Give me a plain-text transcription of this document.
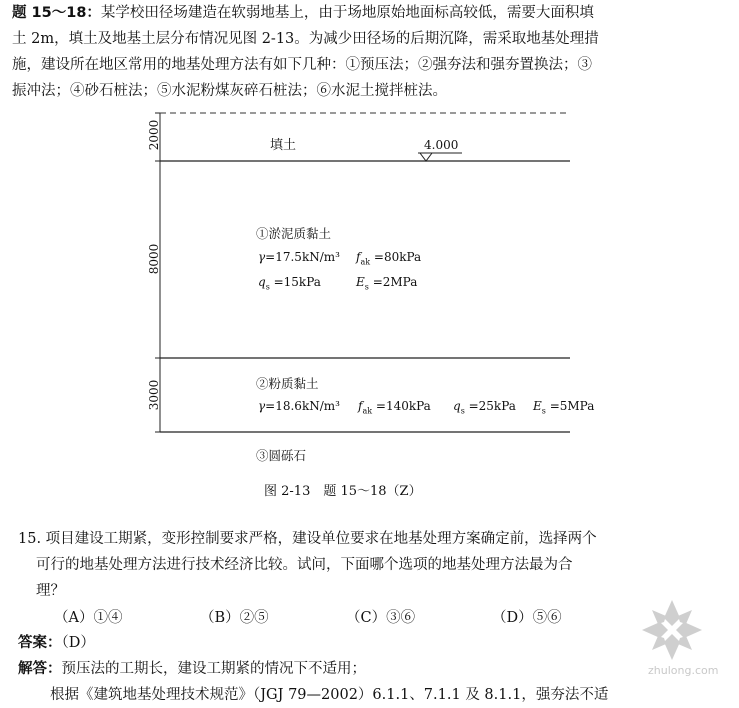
题 15～18：某学校田径场建造在软弱地基上，由于场地原始地面标高较低，需要大面积填
土 2m，填土及地基土层分布情况见图 2-13。为减少田径场的后期沉降，需采取地基处理措
施，建设所在地区常用的地基处理方法有如下几种：①预压法；②强夯法和强夯置换法；③
振冲法；④砂石桩法；⑤水泥粉煤灰碎石桩法；⑥水泥土搅拌桩法。
2000
8000
3000
填土	4.000
①淤泥质黏土
γ=17.5kN/m³ $f_{ak} =80kPa$
$q_s =15kPa$	$E_s =2MPa$
②粉质黏土
γ=18.6kN/m³ $f_{ak} =140kPa$ $q_s =25kPa$ $E_s =5MPa$
③圆砾石
图 2-13　题 15～18（Z）
15. 项目建设工期紧，变形控制要求严格，建设单位要求在地基处理方案确定前，选择两个
可行的地基处理方法进行技术经济比较。试问，下面哪个选项的地基处理方法最为合
理？
（A）①④	（B）②⑤	（C）③⑥	（D）⑤⑥
答案：（D）
解答：预压法的工期长，建设工期紧的情况下不适用；
根据《建筑地基处理技术规范》（JGJ 79—2002）6.1.1、7.1.1 及 8.1.1，强夯法不适
zhulong.com
